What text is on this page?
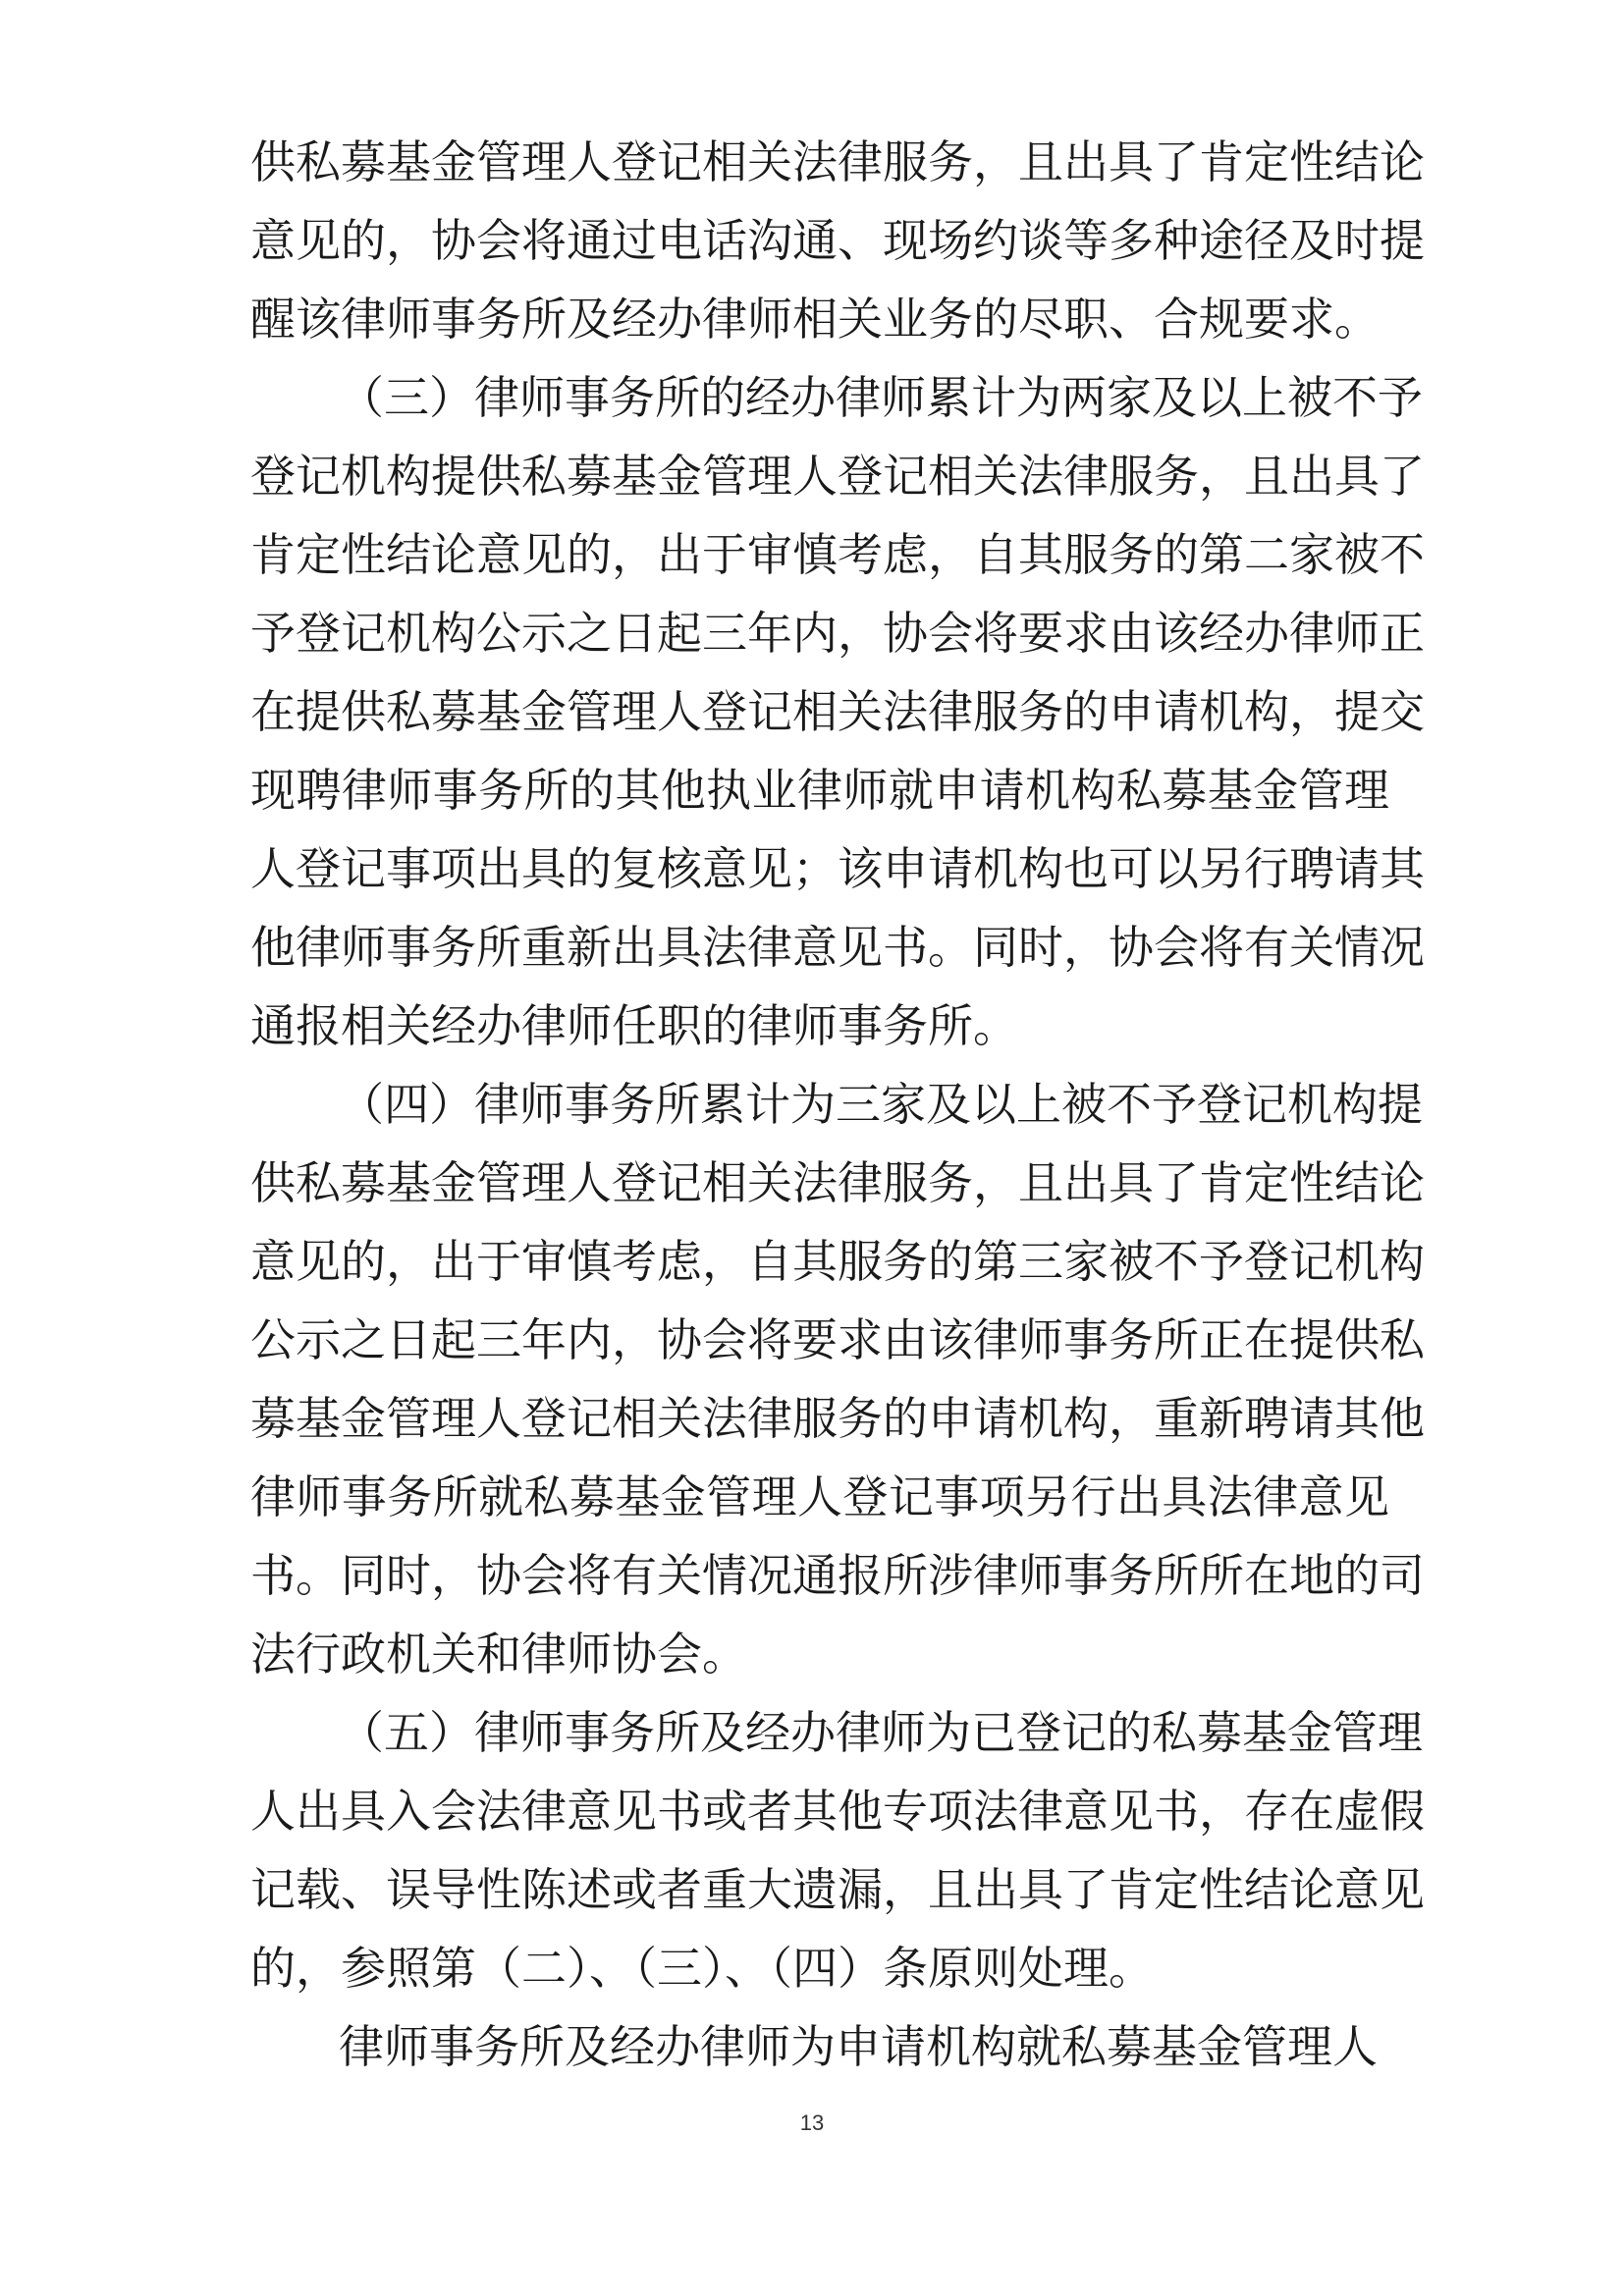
供私募基金管理人登记相关法律服务，且出具了肯定性结论
意见的，协会将通过电话沟通、现场约谈等多种途径及时提
醒该律师事务所及经办律师相关业务的尽职、合规要求。
（三）律师事务所的经办律师累计为两家及以上被不予
登记机构提供私募基金管理人登记相关法律服务，且出具了
肯定性结论意见的，出于审慎考虑，自其服务的第二家被不
予登记机构公示之日起三年内，协会将要求由该经办律师正
在提供私募基金管理人登记相关法律服务的申请机构，提交
现聘律师事务所的其他执业律师就申请机构私募基金管理
人登记事项出具的复核意见；该申请机构也可以另行聘请其
他律师事务所重新出具法律意见书。同时，协会将有关情况
通报相关经办律师任职的律师事务所。
（四）律师事务所累计为三家及以上被不予登记机构提
供私募基金管理人登记相关法律服务，且出具了肯定性结论
意见的，出于审慎考虑，自其服务的第三家被不予登记机构
公示之日起三年内，协会将要求由该律师事务所正在提供私
募基金管理人登记相关法律服务的申请机构，重新聘请其他
律师事务所就私募基金管理人登记事项另行出具法律意见
书。同时，协会将有关情况通报所涉律师事务所所在地的司
法行政机关和律师协会。
（五）律师事务所及经办律师为已登记的私募基金管理
人出具入会法律意见书或者其他专项法律意见书，存在虚假
记载、误导性陈述或者重大遗漏，且出具了肯定性结论意见
的，参照第（二）、（三）、（四）条原则处理。
律师事务所及经办律师为申请机构就私募基金管理人
13
